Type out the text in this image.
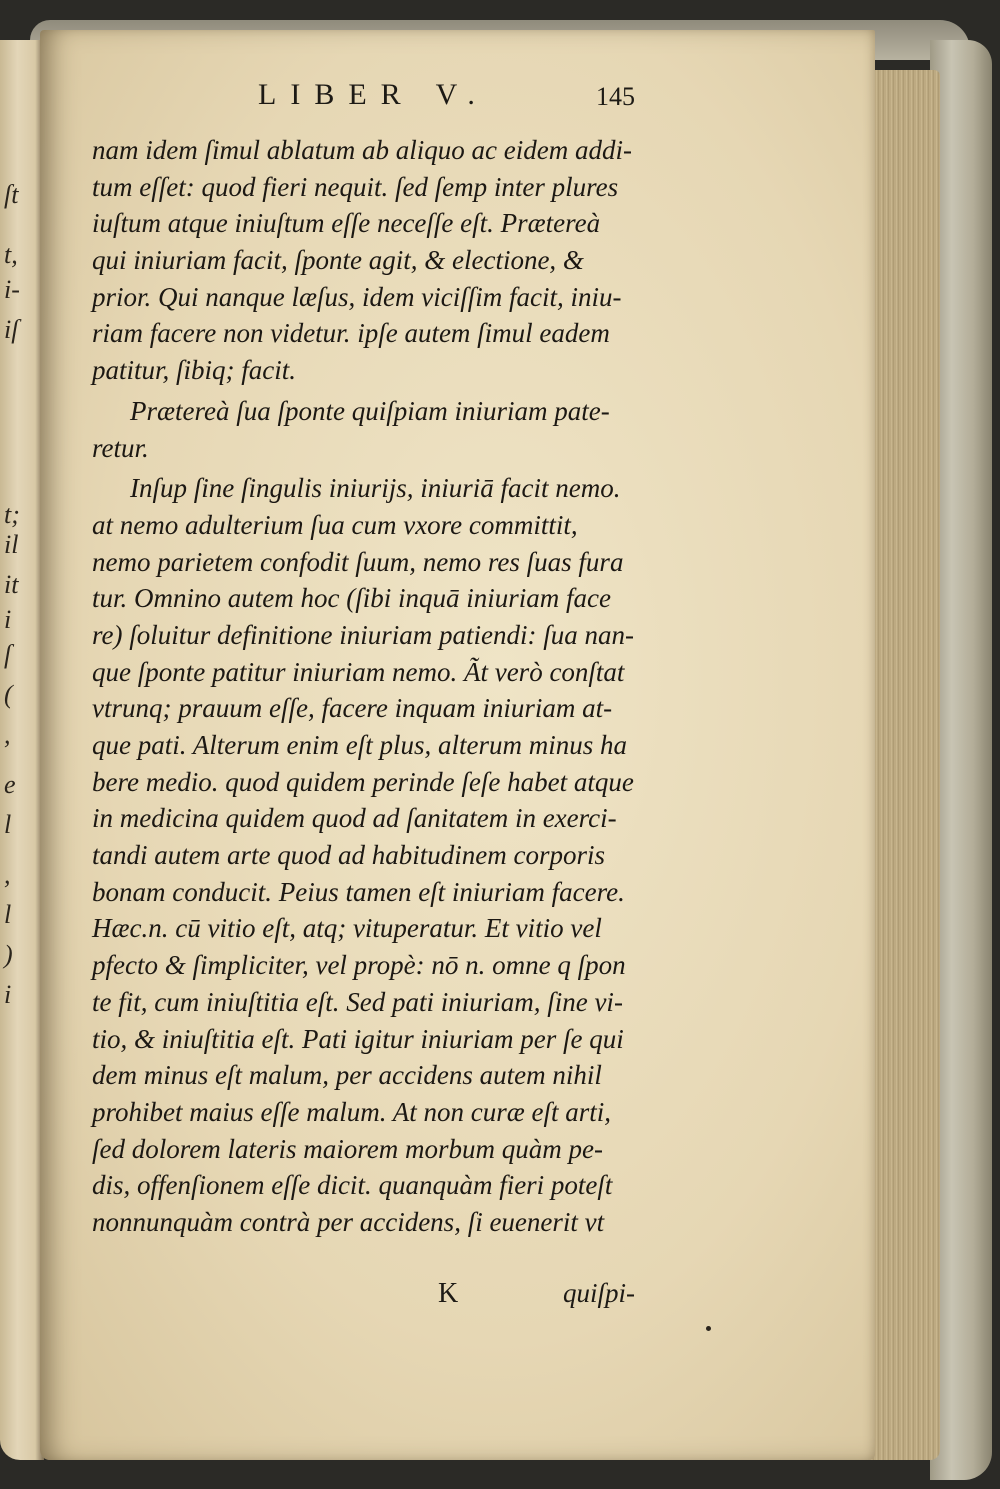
ſt
t,
i-
iſ
t;
il
it
i
ſ
(
,
e
l
,
l
)
i
LIBER V.	145
nam idem ſimul ablatum ab aliquo ac eidem addi-
tum eſſet: quod fieri nequit. ſed ſemp inter plures
iuſtum atque iniuſtum eſſe neceſſe eſt. Prætereà
qui iniuriam facit, ſponte agit, & electione, &
prior. Qui nanque læſus, idem viciſſim facit, iniu-
riam facere non videtur. ipſe autem ſimul eadem
patitur, ſibiq; facit.
Prætereà ſua ſponte quiſpiam iniuriam pate-
retur.
Inſup ſine ſingulis iniurijs, iniuriā facit nemo.
at nemo adulterium ſua cum vxore committit,
nemo parietem confodit ſuum, nemo res ſuas fura
tur. Omnino autem hoc (ſibi inquā iniuriam face
re) ſoluitur definitione iniuriam patiendi: ſua nan-
que ſponte patitur iniuriam nemo. Ãt verò conſtat
vtrunq; prauum eſſe, facere inquam iniuriam at-
que pati. Alterum enim eſt plus, alterum minus ha
bere medio. quod quidem perinde ſeſe habet atque
in medicina quidem quod ad ſanitatem in exerci-
tandi autem arte quod ad habitudinem corporis
bonam conducit. Peius tamen eſt iniuriam facere.
Hæc.n. cū vitio eſt, atq; vituperatur. Et vitio vel
pfecto & ſimpliciter, vel propè: nō n. omne q ſpon
te fit, cum iniuſtitia eſt. Sed pati iniuriam, ſine vi-
tio, & iniuſtitia eſt. Pati igitur iniuriam per ſe qui
dem minus eſt malum, per accidens autem nihil
prohibet maius eſſe malum. At non curæ eſt arti,
ſed dolorem lateris maiorem morbum quàm pe-
dis, offenſionem eſſe dicit. quanquàm fieri poteſt
nonnunquàm contrà per accidens, ſi euenerit vt
K	quiſpi-
